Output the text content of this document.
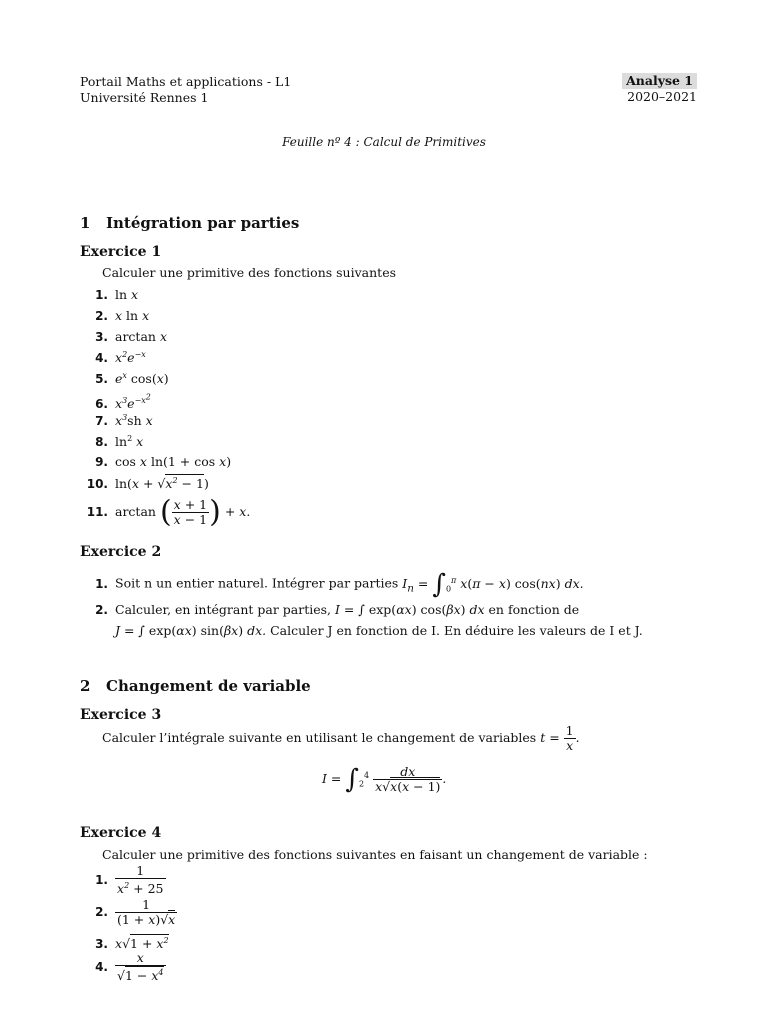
Portail Maths et applications - L1
Université Rennes 1
Analyse 1
2020–2021
Feuille nº 4 : Calcul de Primitives
1 Intégration par parties
Exercice 1
Calculer une primitive des fonctions suivantes
1. ln x
2. x ln x
3. arctan x
4. $x^2e^{-x}$
5. $e^x$ cos(x)
6. $x^3e^{-x^2}$
7. $x^3sh$ x
8. $\ln^2 x$
9. cos x ln(1 + cos x)
10. $\ln(x + √x^2 - 1)$
11. arctan ( $\frac{x + 1}{x - 1}$ ) + x.
Exercice 2
1. Soit n un entier naturel. Intégrer par parties $I_n = \int_0^\pi$ x(π − x) cos(nx) dx.
2. Calculer, en intégrant par parties, I = ∫ exp(αx) cos(βx) dx en fonction de
J = ∫ exp(αx) sin(βx) dx. Calculer J en fonction de I. En déduire les valeurs de I et J.
2 Changement de variable
Exercice 3
Calculer l’intégrale suivante en utilisant le changement de variables $t = \frac{1}{x}$ .
$I = \int_2^4 \frac{dx}{x√x(x - 1)}$ .
Exercice 4
Calculer une primitive des fonctions suivantes en faisant un changement de variable :
1. $\frac{1}{x^2 + 25}$
2. $\frac{1}{(1 + x)√x}$
3. $x√1 + x^2$
4. $\frac{x}{√1 - x^4}$
